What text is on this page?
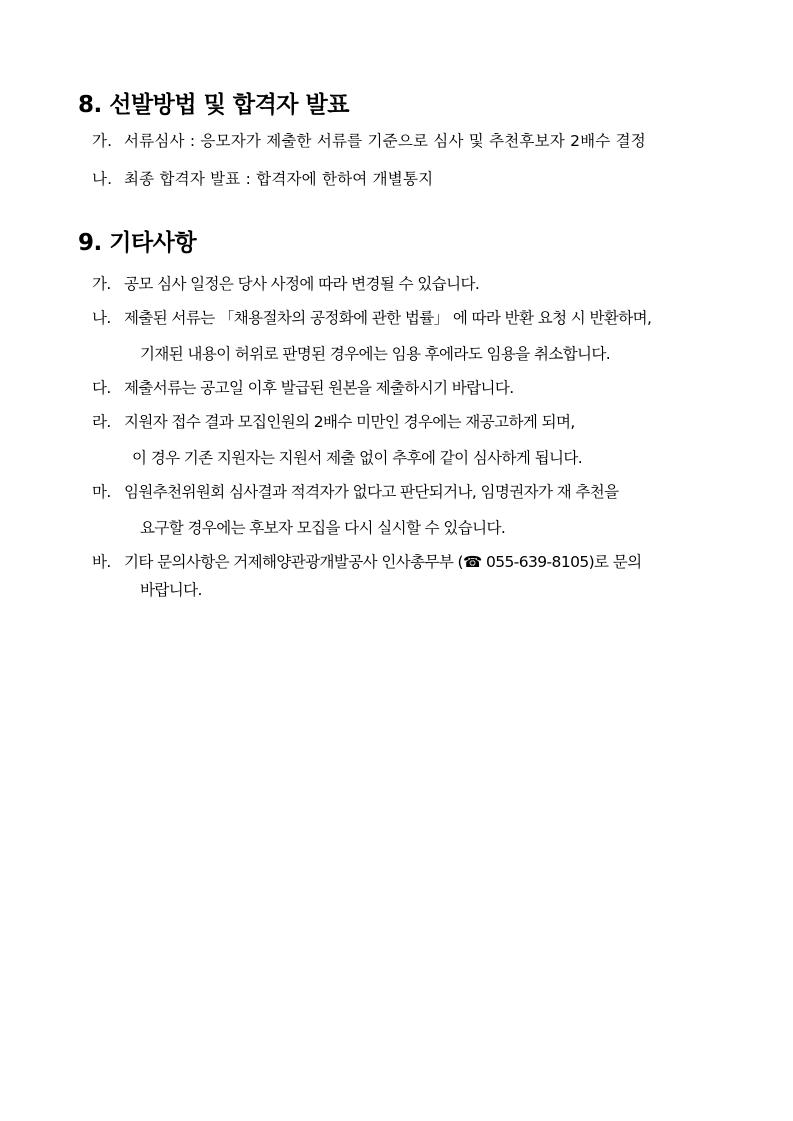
8. 선발방법 및 합격자 발표
가. 서류심사 : 응모자가 제출한 서류를 기준으로 심사 및 추천후보자 2배수 결정
나. 최종 합격자 발표 : 합격자에 한하여 개별통지
9. 기타사항
가. 공모 심사 일정은 당사 사정에 따라 변경될 수 있습니다.
나. 제출된 서류는 「채용절차의 공정화에 관한 법률」 에 따라 반환 요청 시 반환하며,
기재된 내용이 허위로 판명된 경우에는 임용 후에라도 임용을 취소합니다.
다. 제출서류는 공고일 이후 발급된 원본을 제출하시기 바랍니다.
라. 지원자 접수 결과 모집인원의 2배수 미만인 경우에는 재공고하게 되며,
이 경우 기존 지원자는 지원서 제출 없이 추후에 같이 심사하게 됩니다.
마. 임원추천위원회 심사결과 적격자가 없다고 판단되거나, 임명권자가 재 추천을
요구할 경우에는 후보자 모집을 다시 실시할 수 있습니다.
바. 기타 문의사항은 거제해양관광개발공사 인사총무부 (☎ 055-639-8105)로 문의
바랍니다.
